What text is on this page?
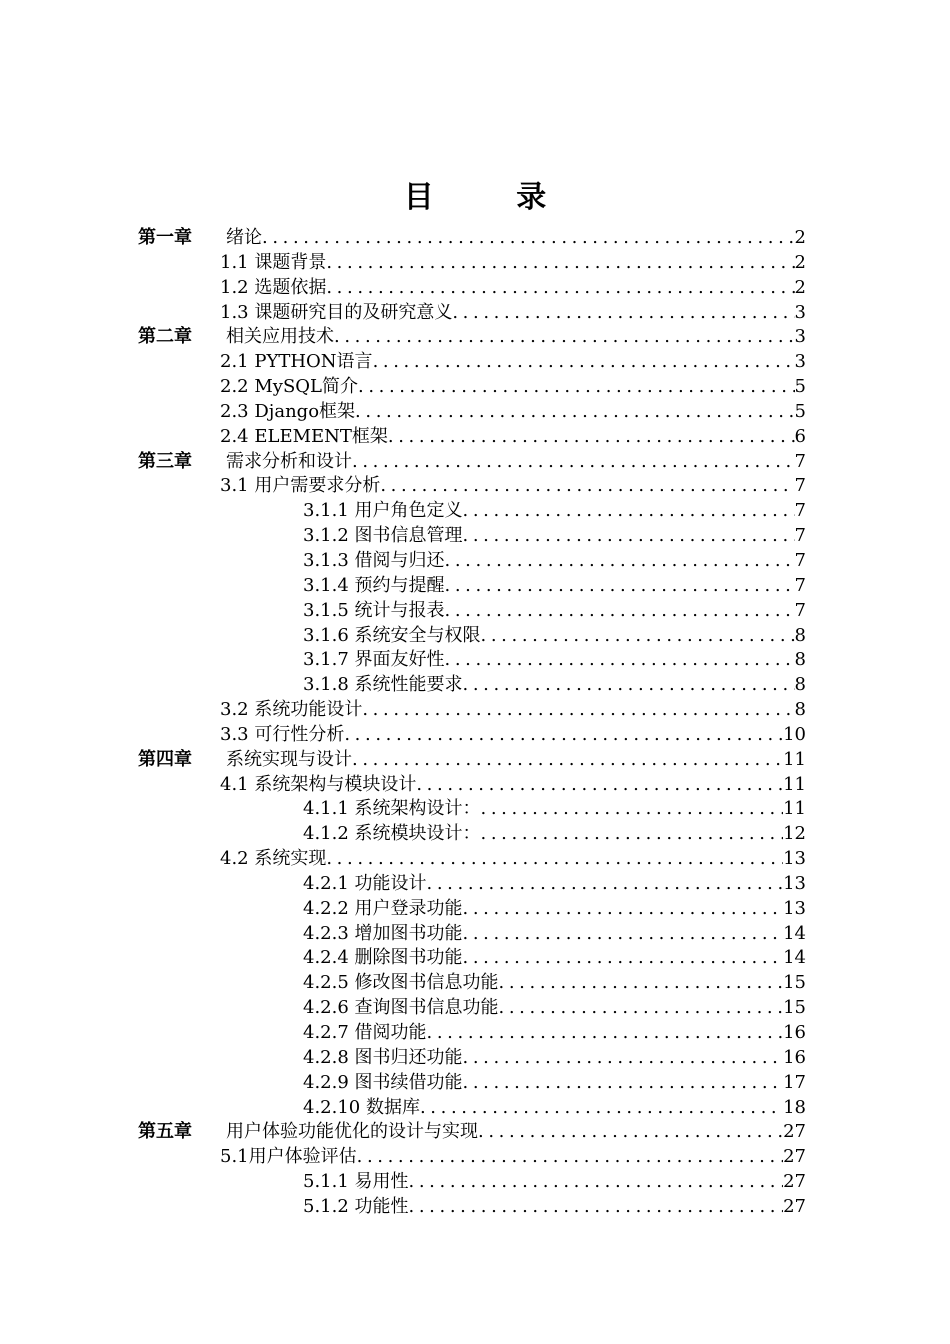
目 录
第一章	绪论 .....	2
1.1 课题背景 .....	2
1.2 选题依据 .....	2
1.3 课题研究目的及研究意义 .....	3
第二章	相关应用技术 .....	3
2.1 PYTHON语言 .....	3
2.2 MySQL简介 .....	5
2.3 Django框架 .....	5
2.4 ELEMENT框架 .....	6
第三章	需求分析和设计 .....	7
3.1 用户需要求分析 .....	7
3.1.1 用户角色定义 .....	7
3.1.2 图书信息管理 .....	7
3.1.3 借阅与归还 .....	7
3.1.4 预约与提醒 .....	7
3.1.5 统计与报表 .....	7
3.1.6 系统安全与权限 .....	8
3.1.7 界面友好性 .....	8
3.1.8 系统性能要求 .....	8
3.2 系统功能设计 .....	8
3.3 可行性分析 .....	10
第四章	系统实现与设计 .....	11
4.1 系统架构与模块设计 .....	11
4.1.1 系统架构设计： .....	11
4.1.2 系统模块设计： .....	12
4.2 系统实现 .....	13
4.2.1 功能设计 .....	13
4.2.2 用户登录功能 .....	13
4.2.3 增加图书功能 .....	14
4.2.4 删除图书功能 .....	14
4.2.5 修改图书信息功能 .....	15
4.2.6 查询图书信息功能 .....	15
4.2.7 借阅功能 .....	16
4.2.8 图书归还功能 .....	16
4.2.9 图书续借功能 .....	17
4.2.10 数据库 .....	18
第五章	用户体验功能优化的设计与实现 .....	27
5.1用户体验评估 .....	27
5.1.1 易用性 .....	27
5.1.2 功能性 .....	27
